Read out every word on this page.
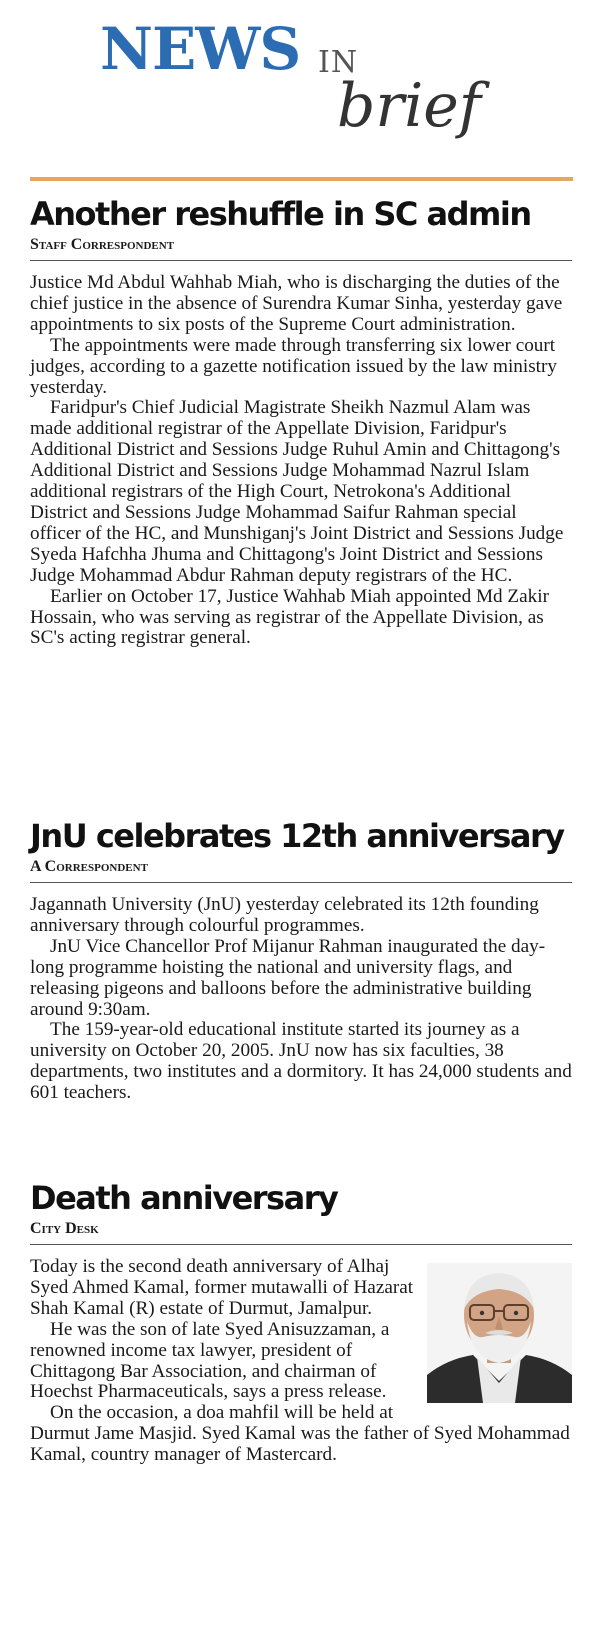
NEWS IN
brief
Another reshuffle in SC admin
Staff Correspondent

Justice Md Abdul Wahhab Miah, who is discharging the duties of the chief justice in the absence of Surendra Kumar Sinha, yesterday gave appointments to six posts of the Supreme Court administration.

The appointments were made through transferring six lower court judges, according to a gazette notification issued by the law ministry yesterday.

Faridpur's Chief Judicial Magistrate Sheikh Nazmul Alam was made additional registrar of the Appellate Division, Faridpur's Additional District and Sessions Judge Ruhul Amin and Chittagong's Additional District and Sessions Judge Mohammad Nazrul Islam additional registrars of the High Court, Netrokona's Additional District and Sessions Judge Mohammad Saifur Rahman special officer of the HC, and Munshiganj's Joint District and Sessions Judge Syeda Hafchha Jhuma and Chittagong's Joint District and Sessions Judge Mohammad Abdur Rahman deputy registrars of the HC.

Earlier on October 17, Justice Wahhab Miah appointed Md Zakir Hossain, who was serving as registrar of the Appellate Division, as SC's acting registrar general.

JnU celebrates 12th anniversary
A Correspondent

Jagannath University (JnU) yesterday celebrated its 12th founding anniversary through colourful programmes.

JnU Vice Chancellor Prof Mijanur Rahman inaugurated the day-long programme hoisting the national and university flags, and releasing pigeons and balloons before the administrative building around 9:30am.

The 159-year-old educational institute started its journey as a university on October 20, 2005. JnU now has six faculties, 38 departments, two institutes and a dormitory. It has 24,000 students and 601 teachers.

Death anniversary
City Desk

Today is the second death anniversary of Alhaj Syed Ahmed Kamal, former mutawalli of Hazarat Shah Kamal (R) estate of Durmut, Jamalpur.

He was the son of late Syed Anisuzzaman, a renowned income tax lawyer, president of Chittagong Bar Association, and chairman of Hoechst Pharmaceuticals, says a press release.

On the occasion, a doa mahfil will be held at Durmut Jame Masjid. Syed Kamal was the father of Syed Mohammad Kamal, country manager of Mastercard.
